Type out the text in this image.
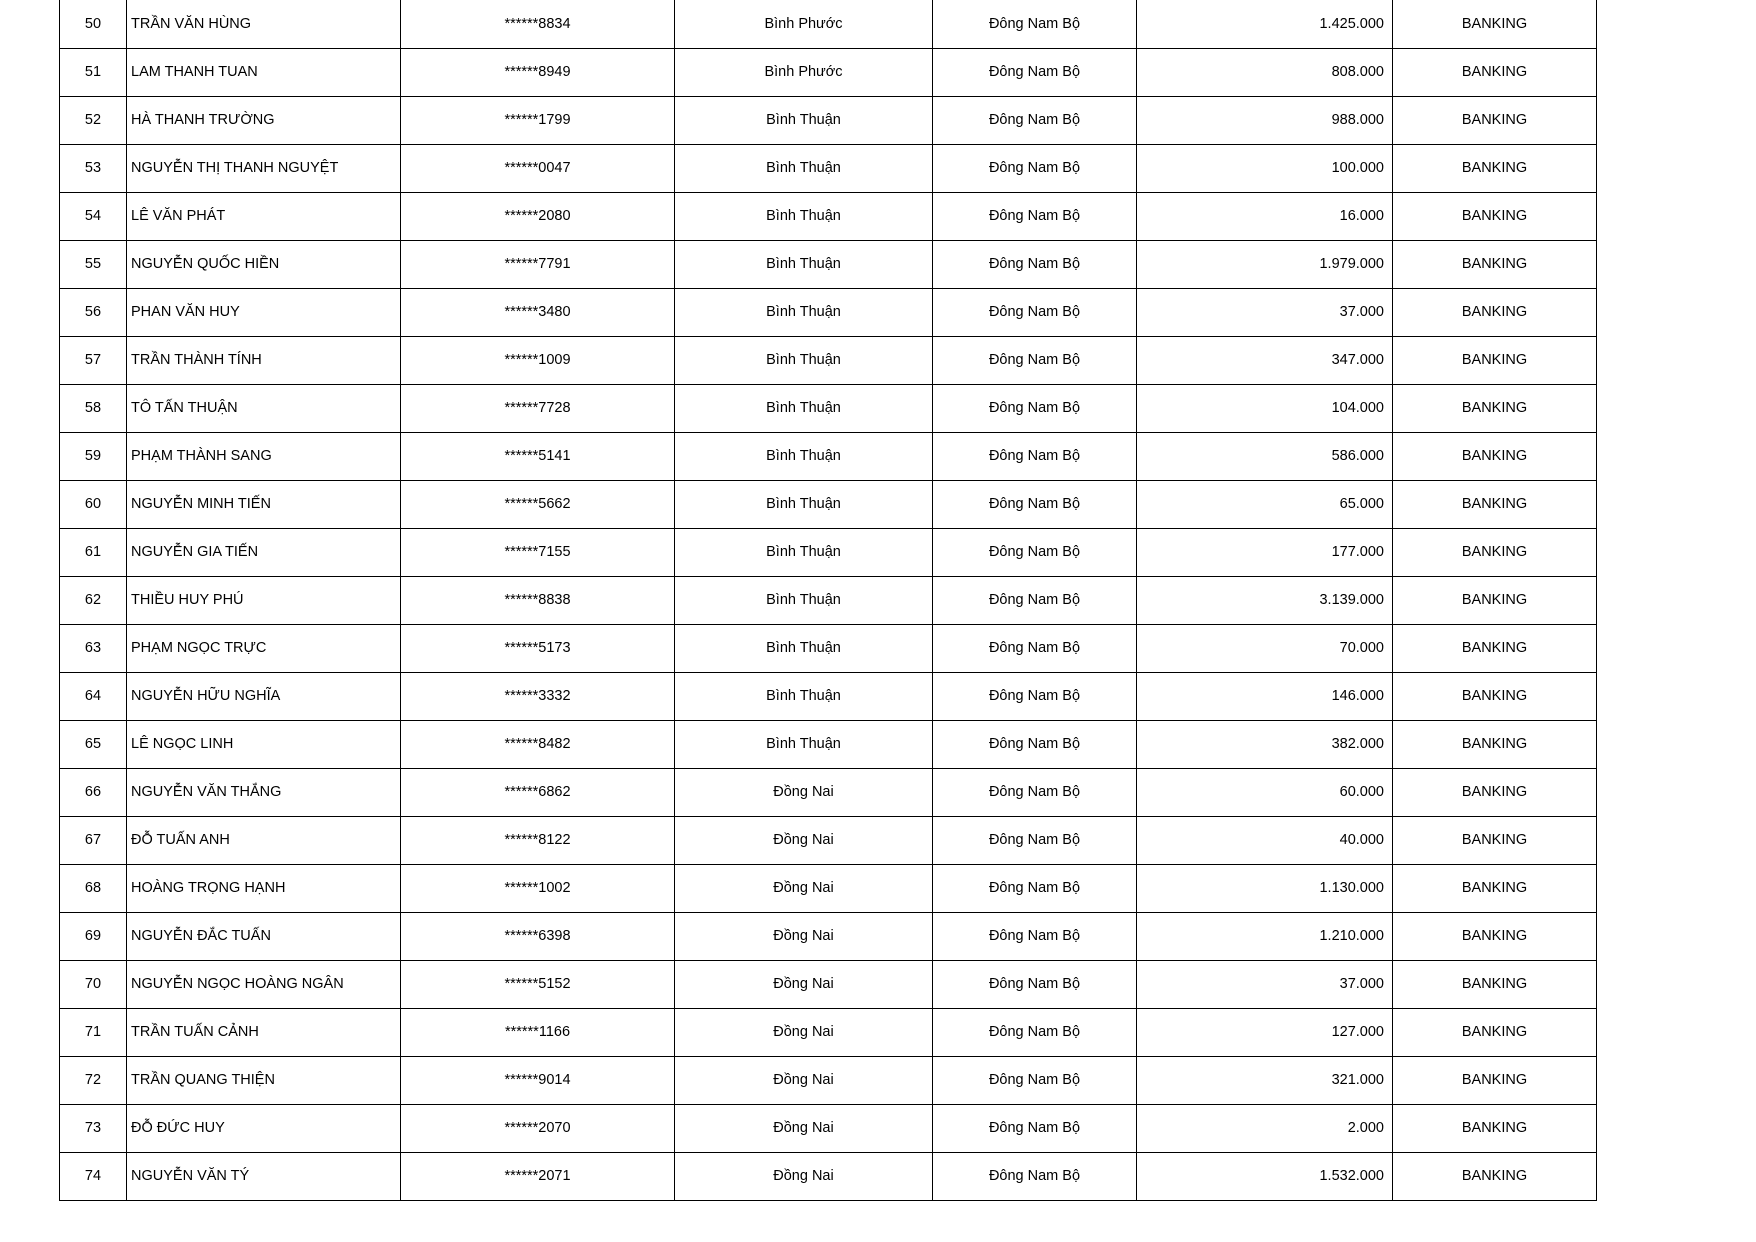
50	TRẦN VĂN HÙNG	******8834	Bình Phước	Đông Nam Bộ	1.425.000	BANKING
51	LAM THANH TUAN	******8949	Bình Phước	Đông Nam Bộ	808.000	BANKING
52	HÀ THANH TRƯỜNG	******1799	Bình Thuận	Đông Nam Bộ	988.000	BANKING
53	NGUYỄN THỊ THANH NGUYỆT	******0047	Bình Thuận	Đông Nam Bộ	100.000	BANKING
54	LÊ VĂN PHÁT	******2080	Bình Thuận	Đông Nam Bộ	16.000	BANKING
55	NGUYỄN QUỐC HIỀN	******7791	Bình Thuận	Đông Nam Bộ	1.979.000	BANKING
56	PHAN VĂN HUY	******3480	Bình Thuận	Đông Nam Bộ	37.000	BANKING
57	TRẦN THÀNH TÍNH	******1009	Bình Thuận	Đông Nam Bộ	347.000	BANKING
58	TÔ TẤN THUẬN	******7728	Bình Thuận	Đông Nam Bộ	104.000	BANKING
59	PHẠM THÀNH SANG	******5141	Bình Thuận	Đông Nam Bộ	586.000	BANKING
60	NGUYỄN MINH TIẾN	******5662	Bình Thuận	Đông Nam Bộ	65.000	BANKING
61	NGUYỄN GIA TIẾN	******7155	Bình Thuận	Đông Nam Bộ	177.000	BANKING
62	THIỀU HUY PHÚ	******8838	Bình Thuận	Đông Nam Bộ	3.139.000	BANKING
63	PHẠM NGỌC TRỰC	******5173	Bình Thuận	Đông Nam Bộ	70.000	BANKING
64	NGUYỄN HỮU NGHĨA	******3332	Bình Thuận	Đông Nam Bộ	146.000	BANKING
65	LÊ NGỌC LINH	******8482	Bình Thuận	Đông Nam Bộ	382.000	BANKING
66	NGUYỄN VĂN THẮNG	******6862	Đồng Nai	Đông Nam Bộ	60.000	BANKING
67	ĐỖ TUẤN ANH	******8122	Đồng Nai	Đông Nam Bộ	40.000	BANKING
68	HOÀNG TRỌNG HẠNH	******1002	Đồng Nai	Đông Nam Bộ	1.130.000	BANKING
69	NGUYỄN ĐẮC TUẤN	******6398	Đồng Nai	Đông Nam Bộ	1.210.000	BANKING
70	NGUYỄN NGỌC HOÀNG NGÂN	******5152	Đồng Nai	Đông Nam Bộ	37.000	BANKING
71	TRẦN TUẤN CẢNH	******1166	Đồng Nai	Đông Nam Bộ	127.000	BANKING
72	TRẦN QUANG THIỆN	******9014	Đồng Nai	Đông Nam Bộ	321.000	BANKING
73	ĐỖ ĐỨC HUY	******2070	Đồng Nai	Đông Nam Bộ	2.000	BANKING
74	NGUYỄN VĂN TÝ	******2071	Đồng Nai	Đông Nam Bộ	1.532.000	BANKING
